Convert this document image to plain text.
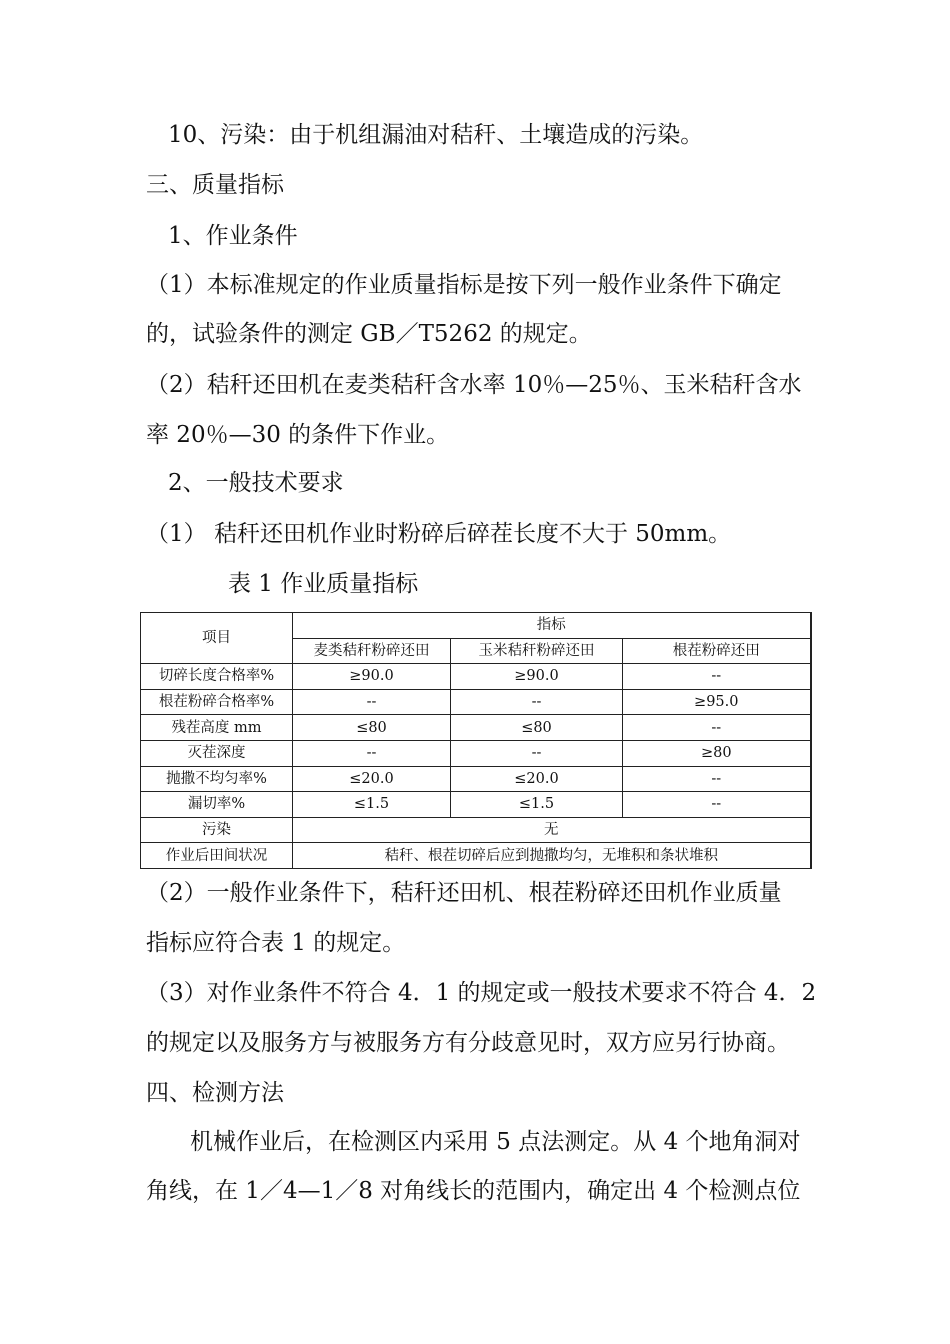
10、污染：由于机组漏油对秸秆、土壤造成的污染。
三、质量指标
1、作业条件
（1）本标准规定的作业质量指标是按下列一般作业条件下确定
的，试验条件的测定 GB／T5262 的规定。
（2）秸秆还田机在麦类秸秆含水率 10％—25％、玉米秸秆含水
率 20％—30 的条件下作业。
2、一般技术要求
（1） 秸秆还田机作业时粉碎后碎茬长度不大于 50mm。
表 1 作业质量指标
项目	指标		
	麦类秸秆粉碎还田	玉米秸秆粉碎还田	根茬粉碎还田
切碎长度合格率%	≥90.0	≥90.0	--
根茬粉碎合格率%	--	--	≥95.0
残茬高度 mm	≤80	≤80	--
灭茬深度	--	--	≥80
抛撒不均匀率%	≤20.0	≤20.0	--
漏切率%	≤1.5	≤1.5	--
污染	无		
作业后田间状况	秸秆、根茬切碎后应到抛撒均匀，无堆积和条状堆积		
（2）一般作业条件下，秸秆还田机、根茬粉碎还田机作业质量
指标应符合表 1 的规定。
（3）对作业条件不符合 4．1 的规定或一般技术要求不符合 4．2
的规定以及服务方与被服务方有分歧意见时，双方应另行协商。
四、检测方法
机械作业后，在检测区内采用 5 点法测定。从 4 个地角洞对
角线，在 1／4—1／8 对角线长的范围内，确定出 4 个检测点位
